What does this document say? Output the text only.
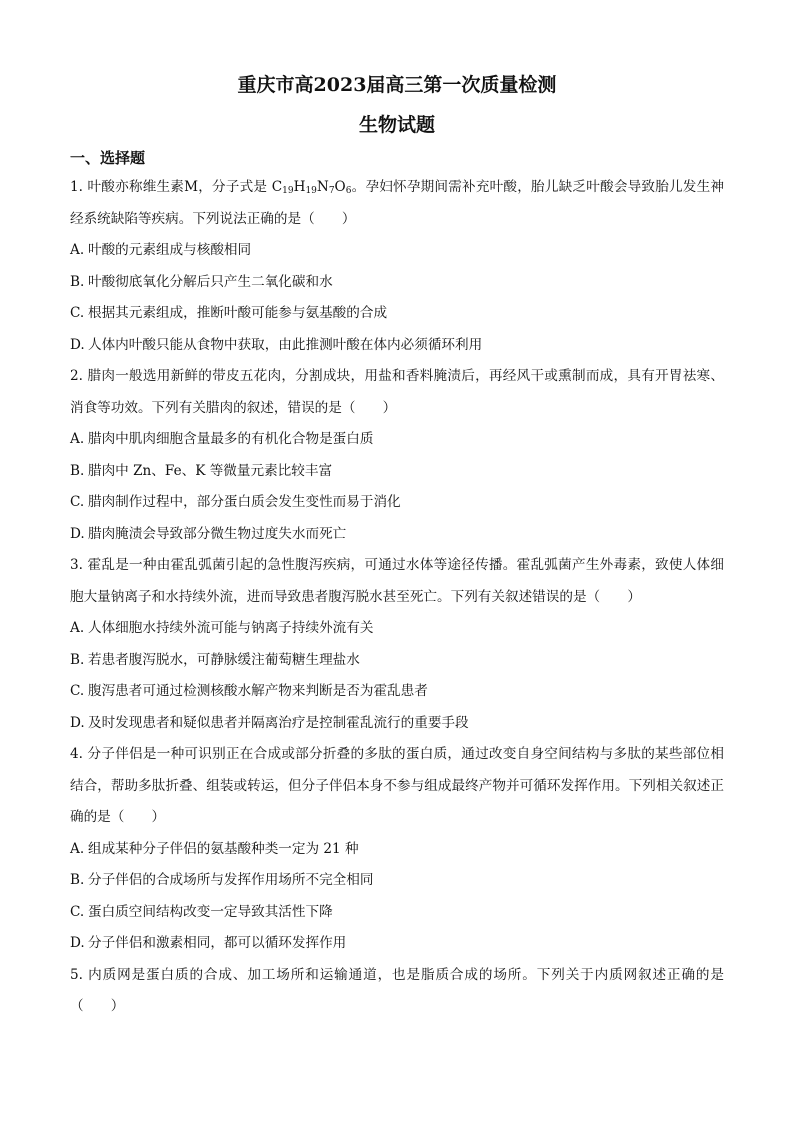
重庆市高2023届高三第一次质量检测
生物试题

一、选择题

1. 叶酸亦称维生素M，分子式是 $C_{19}H_{19}N_7O_6$。孕妇怀孕期间需补充叶酸，胎儿缺乏叶酸会导致胎儿发生神经系统缺陷等疾病。下列说法正确的是（　　）

A. 叶酸的元素组成与核酸相同

B. 叶酸彻底氧化分解后只产生二氧化碳和水

C. 根据其元素组成，推断叶酸可能参与氨基酸的合成

D. 人体内叶酸只能从食物中获取，由此推测叶酸在体内必须循环利用

2. 腊肉一般选用新鲜的带皮五花肉，分割成块，用盐和香料腌渍后，再经风干或熏制而成，具有开胃祛寒、消食等功效。下列有关腊肉的叙述，错误的是（　　）

A. 腊肉中肌肉细胞含量最多的有机化合物是蛋白质

B. 腊肉中 Zn、Fe、K 等微量元素比较丰富

C. 腊肉制作过程中，部分蛋白质会发生变性而易于消化

D. 腊肉腌渍会导致部分微生物过度失水而死亡

3. 霍乱是一种由霍乱弧菌引起的急性腹泻疾病，可通过水体等途径传播。霍乱弧菌产生外毒素，致使人体细胞大量钠离子和水持续外流，进而导致患者腹泻脱水甚至死亡。下列有关叙述错误的是（　　）

A. 人体细胞水持续外流可能与钠离子持续外流有关

B. 若患者腹泻脱水，可静脉缓注葡萄糖生理盐水

C. 腹泻患者可通过检测核酸水解产物来判断是否为霍乱患者

D. 及时发现患者和疑似患者并隔离治疗是控制霍乱流行的重要手段

4. 分子伴侣是一种可识别正在合成或部分折叠的多肽的蛋白质，通过改变自身空间结构与多肽的某些部位相结合，帮助多肽折叠、组装或转运，但分子伴侣本身不参与组成最终产物并可循环发挥作用。下列相关叙述正确的是（　　）

A. 组成某种分子伴侣的氨基酸种类一定为 21 种

B. 分子伴侣的合成场所与发挥作用场所不完全相同

C. 蛋白质空间结构改变一定导致其活性下降

D. 分子伴侣和激素相同，都可以循环发挥作用

5. 内质网是蛋白质的合成、加工场所和运输通道，也是脂质合成的场所。下列关于内质网叙述正确的是（　　）
